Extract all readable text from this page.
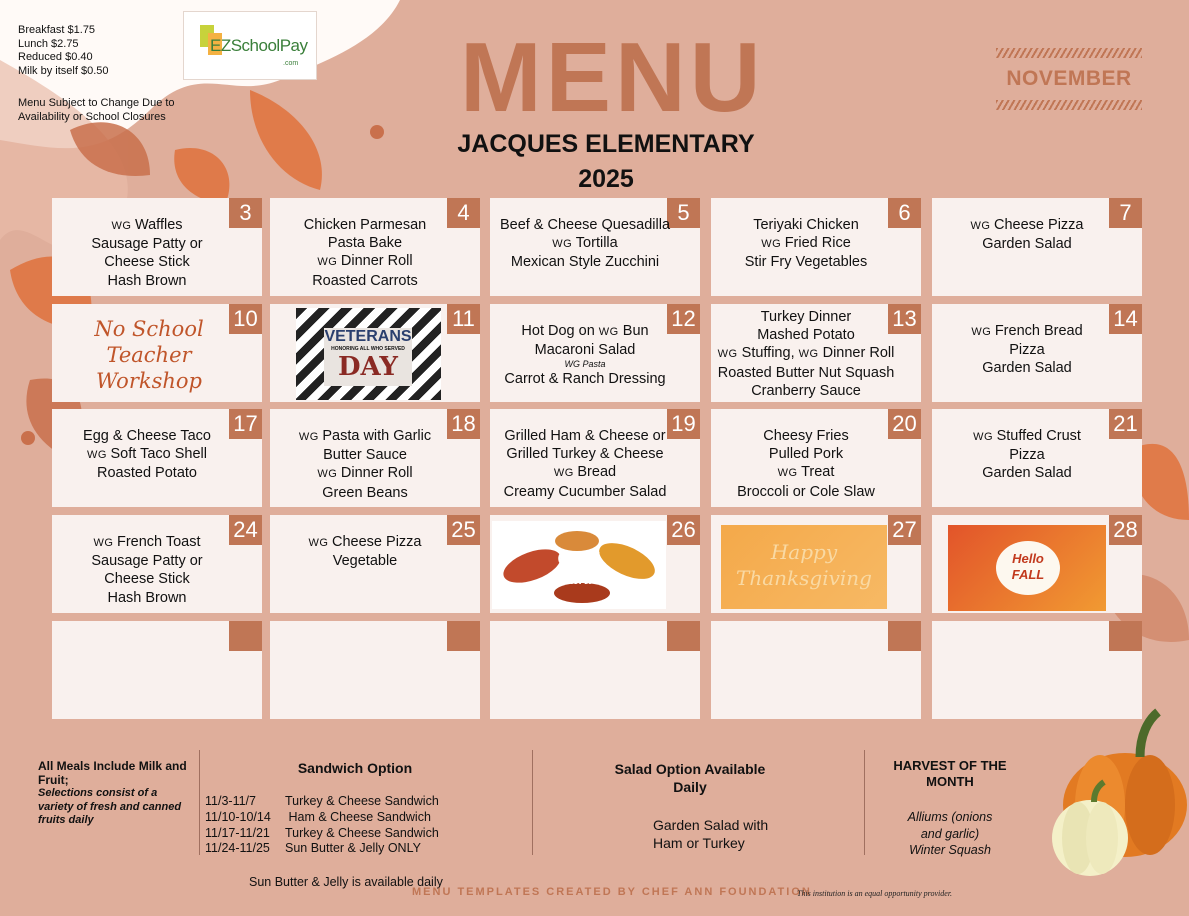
Breakfast $1.75
Lunch $2.75
Reduced $0.40
Milk by itself $0.50
Menu Subject to Change Due to Availability or School Closures
EZSchoolPay
.com MENU
JACQUES ELEMENTARY
2025
NOVEMBER
3
WG Waffles
Sausage Patty or
Cheese Stick
Hash Brown
4
Chicken Parmesan
Pasta Bake
WG Dinner Roll
Roasted Carrots
5
Beef & Cheese Quesadilla
WG Tortilla
Mexican Style Zucchini
6
Teriyaki Chicken
WG Fried Rice
Stir Fry Vegetables
7
WG Cheese Pizza
Garden Salad
10
No School
Teacher
Workshop
11
VETERANS
HONORING ALL WHO SERVED
DAY
12
Hot Dog on WG Bun
Macaroni Salad
WG Pasta
Carrot & Ranch Dressing
13
Turkey Dinner
Mashed Potato
WG Stuffing, WG Dinner Roll
Roasted Butter Nut Squash
Cranberry Sauce
14
WG French Bread
Pizza
Garden Salad
17
Egg & Cheese Taco
WG Soft Taco Shell
Roasted Potato
18
WG Pasta with Garlic
Butter Sauce
WG Dinner Roll
Green Beans
19
Grilled Ham & Cheese or
Grilled Turkey & Cheese
WG Bread
Creamy Cucumber Salad
20
Cheesy Fries
Pulled Pork
WG Treat
Broccoli or Cole Slaw
21
WG Stuffed Crust
Pizza
Garden Salad
24
WG French Toast
Sausage Patty or
Cheese Stick
Hash Brown
25
WG Cheese Pizza
Vegetable
26
GIVE
thanks
27
Happy
Thanksgiving
28
Hello
FALL
All Meals Include Milk and Fruit;
Selections consist of a variety of fresh and canned fruits daily
Sandwich Option
11/3-11/7 Turkey & Cheese Sandwich
11/10-10/14 Ham & Cheese Sandwich
11/17-11/21 Turkey & Cheese Sandwich
11/24-11/25 Sun Butter & Jelly ONLY
Sun Butter & Jelly is available daily
Salad Option Available Daily
Garden Salad with
Ham or Turkey
HARVEST OF THE MONTH
Alliums (onions
and garlic)
Winter Squash
MENU TEMPLATES CREATED BY CHEF ANN FOUNDATION
This institution is an equal opportunity provider.
